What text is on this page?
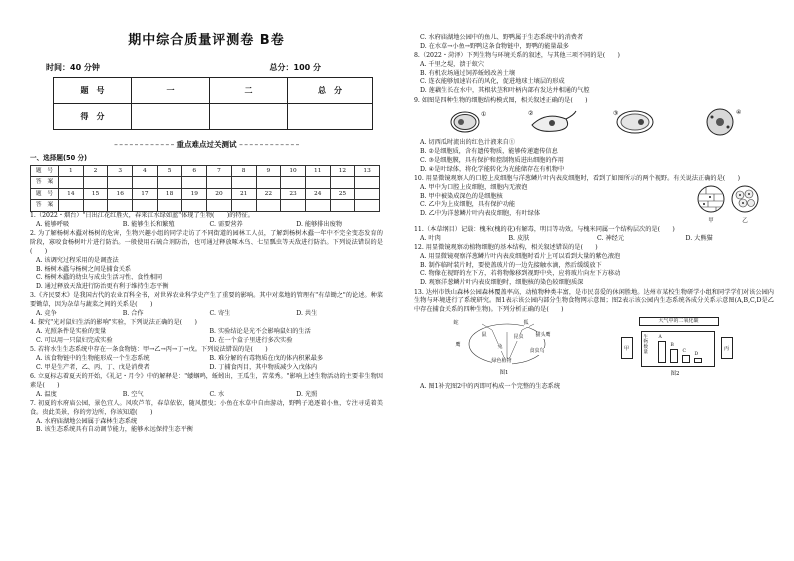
期中综合质量评测卷 B卷
时间：40 分钟	总分：100 分
题　号	一	二	总　分
得　分			
– – – – – – – – – – – – 重点难点过关测试 – – – – – – – – – – – –
一、选择题(50 分)
题　号	1	2	3	4	5	6	7	8	9	10	11	12	13
答　案													
题　号	14	15	16	17	18	19	20	21	22	23	24	25	
答　案													
1.（2022・烟台）"日出江花红胜火，春来江水绿如蓝"体现了生物(　　)的特征。
A. 能够呼吸	B. 能够生长和繁殖	C. 需要营养	D. 能够排出废物
2. 为了解杨树木蠹对杨树的危害，生物兴趣小组的同学走访了不同街道的园林工人员，了解到杨树木蠹一年中不完全变态发育的阶段，寡咬食杨树叶片进行防治。一般使用石硫合剂防治，也可通过释放啄木鸟、七星瓢虫等天敌进行防治。下列说法错误的是(　　)
A. 该调究过程采用的是调查法
B. 杨树木蠹与杨树之间是捕食关系
C. 杨树木蠹的幼虫与成虫生活习性、食性相同
D. 通过释放天敌进行防治更有利于维持生态平衡
3.《齐民要术》是我国古代的农业百科全书，对世界农业科学史产生了重要的影响。其中对菜地的管理有"有草锄之"的论述。种菜要锄草，因为杂草与蔬菜之间的关系是(　　)
A. 竞争	B. 合作	C. 寄生	D. 共生
4. 探究"光对鼠妇生活的影响"实验，下列说法正确的是(　　)
A. 光照条件是实验的变量	B. 实验结论是光不会影响鼠妇的生活
C. 可以用一只鼠妇完成实验	D. 在一个盒子里进行多次实验
5. 若将水生生态系统中存在一条食物链：甲→乙→丙→丁→戊。下列说法错误的是(　　)
A. 该食物链中的生物能形成一个生态系统	B. 难分解的有毒物质在戊的体内积累最多
C. 甲是生产者，乙、丙、丁、戊是消费者	D. 丁捕食丙目，其中物质减少入戊体内
6. 立夏标志着夏天的开始，《礼记・月令》中的解释是："蝼蝈鸣，蚯蚓出，王瓜生，苦菜秀。"影响上述生物活动的主要非生物因素是(　　)
A. 温度	B. 空气	C. 水	D. 光照
7. 初夏的水府庙公园，景色宜人。风吹芦苇，春草依依，随风摆曳；小鱼在水草中自由游动，野鸭子追逐着小鱼，专注寻觅着美食。贵此美景，你的旁边所，你该知道(　　)
A. 水府庙湖地公园属于森林生态系统
B. 该生态系统具有自动调节能力，能够永远保持生态平衡
C. 水府庙湖地公园中的鱼儿、野鸭属于生态系统中的消费者
D. 在水草→小鱼→野鸭这条食物链中，野鸭的能量最多
8.（2022・菏泽）下列生物与环境关系的叙述，与其他三项不同的是(　　)
A. 千里之堤，溃于蚁穴
B. 有机农场通过饲养蚯蚓改善土壤
C. 连衣能够加速岩石的风化，促进地球土壤层的形成
D. 莲藕生长在水中，其根状茎和叶柄内部有发达并相通的气腔
9. 如图是四种生物的细胞结构模式图，相关叙述正确的是(　　)
①	②	③	④
A. 切西瓜时流出的红色汁液来自①
B. ②是细胞质，含有遗传物质，能够传递遗传信息
C. ③是细胞膜，具有保护和控制物质进出细胞的作用
D. ④是叶绿体，将化学能转化为光能储存在有机物中
10. 用显微镜观察人的口腔上皮细胞与洋葱鳞片叶内表皮细胞时，看到了如图所示的两个视野。有关说法正确的是(　　)
A. 甲中为口腔上皮细胞，细胞内无液泡
B. 甲中被染成深色的是细胞核
C. 乙中为上皮细胞，具有保护功能
D. 乙中为洋葱鳞片叶内表皮细胞，有叶绿体
甲	乙
11.（本草纲目）记载：槐米(槐的花)有解毒，明目等功效。与槐米同属一个结构层次的是(　　)
A. 叶肉	B. 皮肤	C. 神经元	D. 大熊猫
12. 用显微镜观察动植物细胞的基本结构，相关叙述错误的是(　　)
A. 用显微镜观察洋葱鳞片叶内表皮细胞时看片上可以看到大量的紫色液泡
B. 制作临时装片时，要使盖玻片的一边先接触水滴，然后缓缓放下
C. 物像在视野的左下方，若将物像移到视野中央，应将玻片向左下方移动
D. 观察洋葱鳞片叶内表皮细胞时，细胞核的染色较细胞质深
13. 达州市铁山森林公园森林覆盖率高，动植物种类丰富，是市民喜爱的休闲胜地。达州市某校生物研学小组和同学学们对该公园内生物与环境进行了系统研究。图1表示该公园内部分生物食物网示意图；图2表示该公园内生态系统各成分关系示意图(A,B,C,D是乙中存在捕食关系的四种生物)。下列分析正确的是(　　)
蛇
鼠
兔
狐
猫头鹰
绿色植物
鹰
昆虫
食虫鸟
图1
大气中的二氧化碳
甲	丙
生物数量
A
B
C
D
图2
A. 图1补充图2中的丙即可构成一个完整的生态系统
